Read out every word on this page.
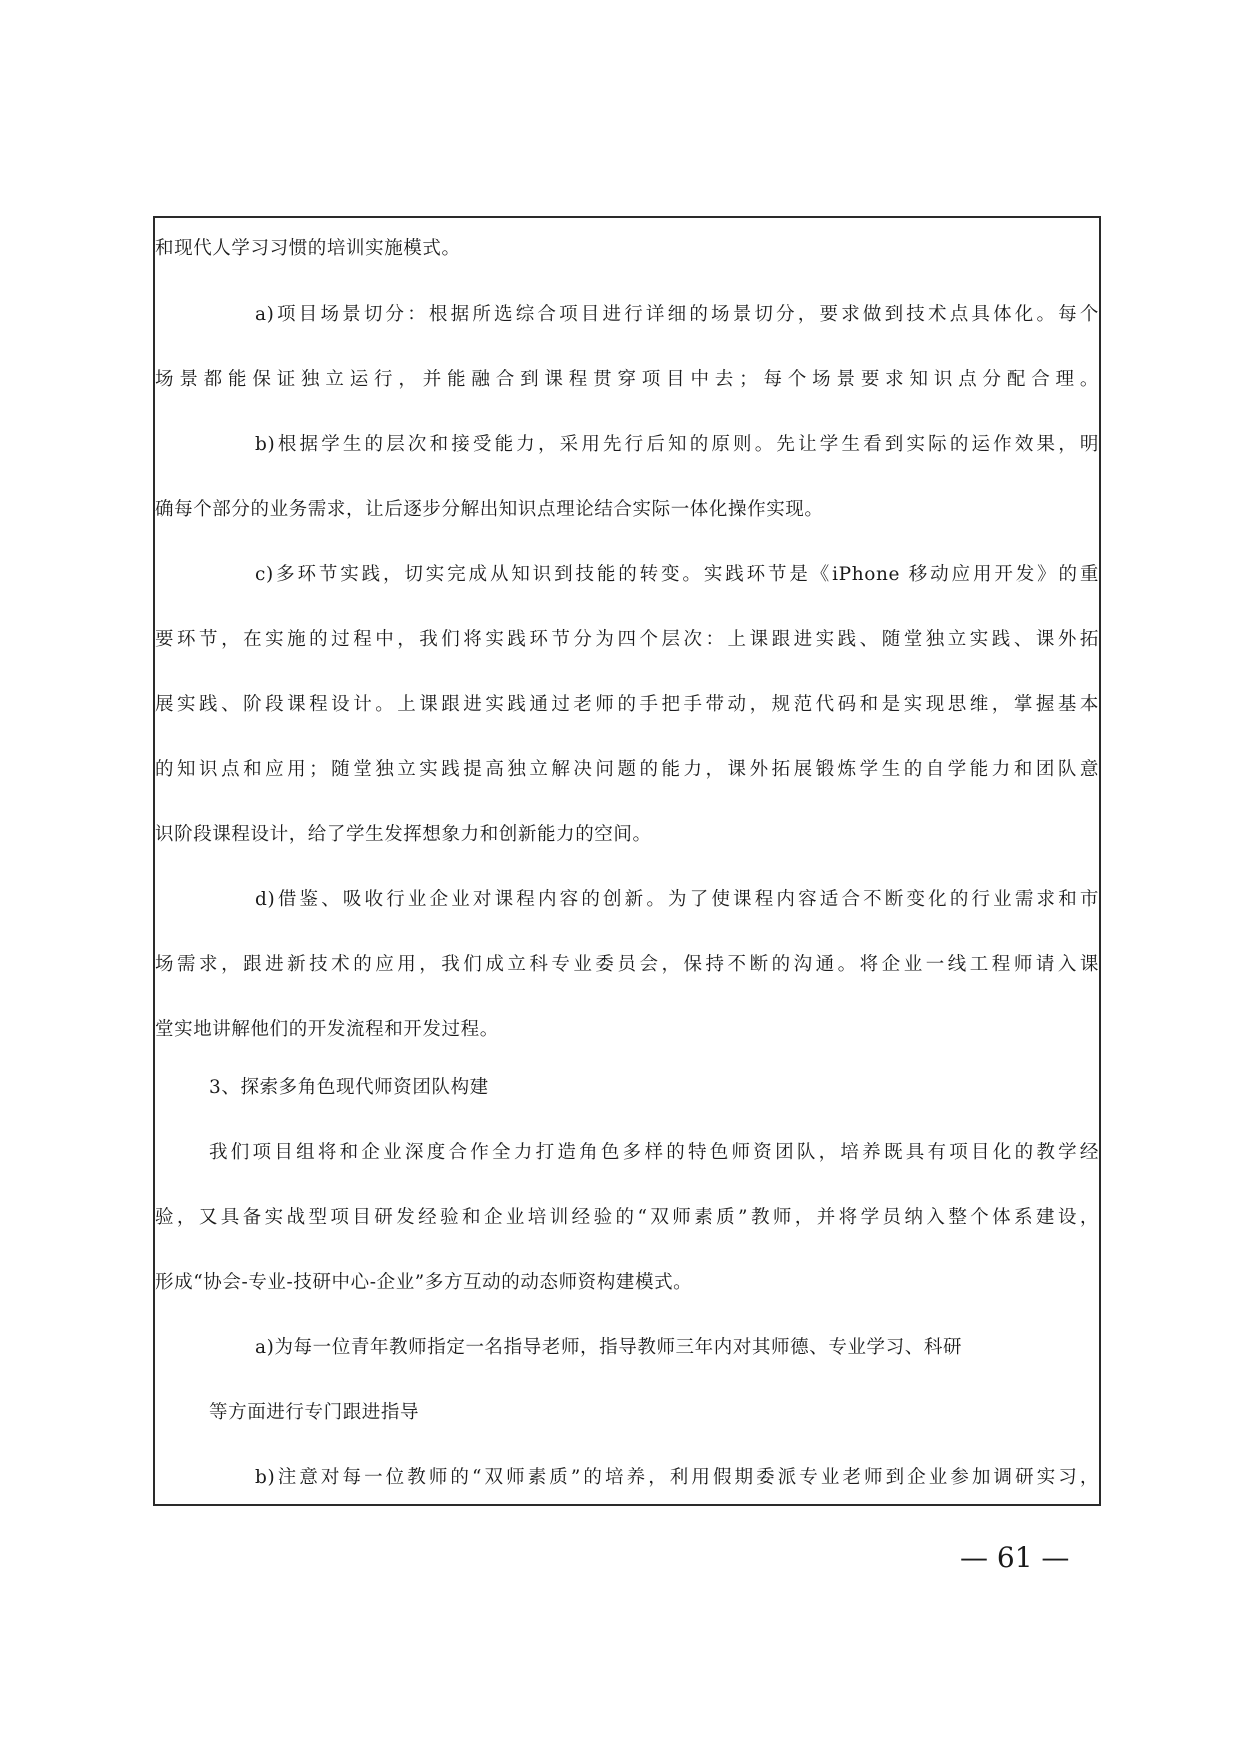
和现代人学习习惯的培训实施模式。
a)项目场景切分：根据所选综合项目进行详细的场景切分，要求做到技术点具体化。每个
场景都能保证独立运行，并能融合到课程贯穿项目中去；每个场景要求知识点分配合理。
b)根据学生的层次和接受能力，采用先行后知的原则。先让学生看到实际的运作效果，明
确每个部分的业务需求，让后逐步分解出知识点理论结合实际一体化操作实现。
c)多环节实践，切实完成从知识到技能的转变。实践环节是《iPhone 移动应用开发》的重
要环节，在实施的过程中，我们将实践环节分为四个层次：上课跟进实践、随堂独立实践、课外拓
展实践、阶段课程设计。上课跟进实践通过老师的手把手带动，规范代码和是实现思维，掌握基本
的知识点和应用；随堂独立实践提高独立解决问题的能力，课外拓展锻炼学生的自学能力和团队意
识阶段课程设计，给了学生发挥想象力和创新能力的空间。
d)借鉴、吸收行业企业对课程内容的创新。为了使课程内容适合不断变化的行业需求和市
场需求，跟进新技术的应用，我们成立科专业委员会，保持不断的沟通。将企业一线工程师请入课
堂实地讲解他们的开发流程和开发过程。
3、探索多角色现代师资团队构建
我们项目组将和企业深度合作全力打造角色多样的特色师资团队，培养既具有项目化的教学经
验，又具备实战型项目研发经验和企业培训经验的“双师素质”教师，并将学员纳入整个体系建设，
形成“协会-专业-技研中心-企业”多方互动的动态师资构建模式。
a)为每一位青年教师指定一名指导老师，指导教师三年内对其师德、专业学习、科研
等方面进行专门跟进指导
b)注意对每一位教师的“双师素质”的培养，利用假期委派专业老师到企业参加调研实习，
— 61 —
